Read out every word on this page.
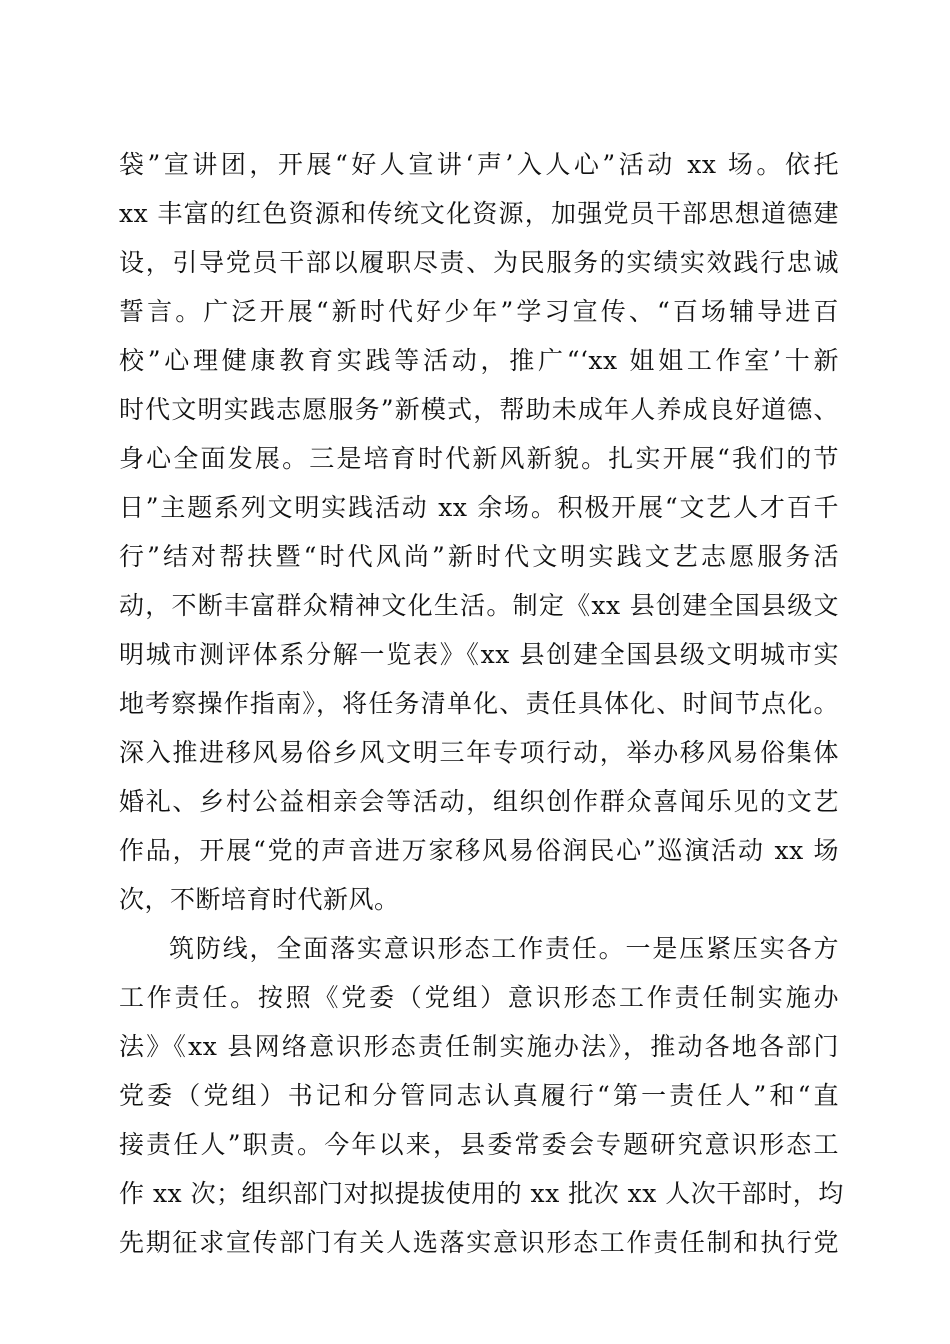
袋”宣讲团，开展“好人宣讲‘声’入人心”活动 xx 场。依托
xx 丰富的红色资源和传统文化资源，加强党员干部思想道德建
设，引导党员干部以履职尽责、为民服务的实绩实效践行忠诚
誓言。广泛开展“新时代好少年”学习宣传、“百场辅导进百
校”心理健康教育实践等活动，推广“‘xx 姐姐工作室’十新
时代文明实践志愿服务”新模式，帮助未成年人养成良好道德、
身心全面发展。三是培育时代新风新貌。扎实开展“我们的节
日”主题系列文明实践活动 xx 余场。积极开展“文艺人才百千
行”结对帮扶暨“时代风尚”新时代文明实践文艺志愿服务活
动，不断丰富群众精神文化生活。制定《xx 县创建全国县级文
明城市测评体系分解一览表》《xx 县创建全国县级文明城市实
地考察操作指南》，将任务清单化、责任具体化、时间节点化。
深入推进移风易俗乡风文明三年专项行动，举办移风易俗集体
婚礼、乡村公益相亲会等活动，组织创作群众喜闻乐见的文艺
作品，开展“党的声音进万家移风易俗润民心”巡演活动 xx 场
次，不断培育时代新风。
筑防线，全面落实意识形态工作责任。一是压紧压实各方
工作责任。按照《党委（党组）意识形态工作责任制实施办
法》《xx 县网络意识形态责任制实施办法》，推动各地各部门
党委（党组）书记和分管同志认真履行“第一责任人”和“直
接责任人”职责。今年以来，县委常委会专题研究意识形态工
作 xx 次；组织部门对拟提拔使用的 xx 批次 xx 人次干部时，均
先期征求宣传部门有关人选落实意识形态工作责任制和执行党
